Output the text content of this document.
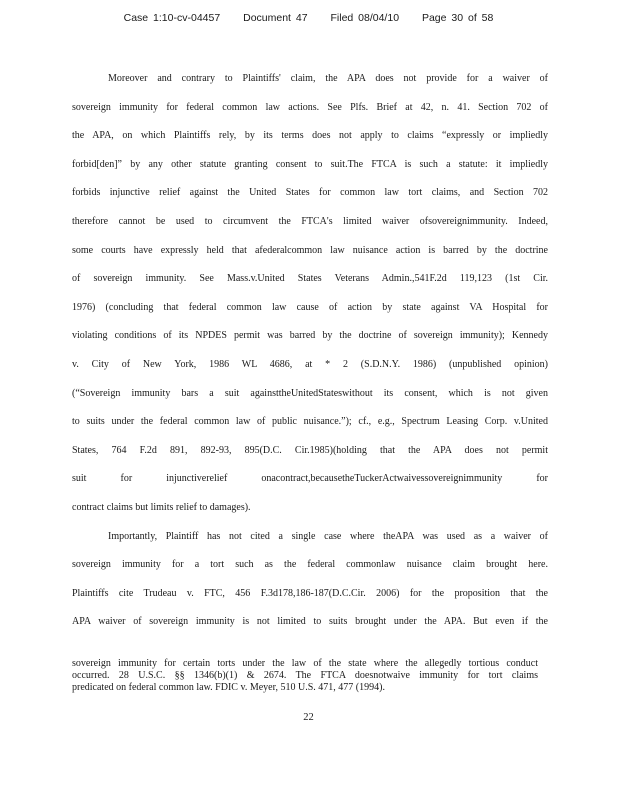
Case 1:10-cv-04457 Document 47 Filed 08/04/10 Page 30 of 58
Moreover and contrary to Plaintiffs' claim, the APA does not provide for a waiver of
sovereign immunity for federal common law actions. See Plfs. Brief at 42, n. 41. Section 702 of
the APA, on which Plaintiffs rely, by its terms does not apply to claims “expressly or impliedly
forbid[den]” by any other statute granting consent to suit.The FTCA is such a statute: it impliedly
forbids injunctive relief against the United States for common law tort claims, and Section 702
therefore cannot be used to circumvent the FTCA's limited waiver ofsovereignimmunity. Indeed,
some courts have expressly held that afederalcommon law nuisance action is barred by the doctrine
of sovereign immunity. See Mass.v.United States Veterans Admin.,541F.2d 119,123 (1st Cir.
1976) (concluding that federal common law cause of action by state against VA Hospital for
violating conditions of its NPDES permit was barred by the doctrine of sovereign immunity); Kennedy
v. City of New York, 1986 WL 4686, at * 2 (S.D.N.Y. 1986) (unpublished opinion)
(“Sovereign immunity bars a suit againsttheUnitedStateswithout its consent, which is not given
to suits under the federal common law of public nuisance.”); cf., e.g., Spectrum Leasing Corp. v.United
States, 764 F.2d 891, 892-93, 895(D.C. Cir.1985)(holding that the APA does not permit
suit for injunctiverelief onacontract,becausetheTuckerActwaivessovereignimmunity for
contract claims but limits relief to damages).
Importantly, Plaintiff has not cited a single case where theAPA was used as a waiver of
sovereign immunity for a tort such as the federal commonlaw nuisance claim brought here.
Plaintiffs cite Trudeau v. FTC, 456 F.3d178,186-187(D.C.Cir. 2006) for the proposition that the
APA waiver of sovereign immunity is not limited to suits brought under the APA. But even if the
sovereign immunity for certain torts under the law of the state where the allegedly tortious conduct
occurred. 28 U.S.C. §§ 1346(b)(1) & 2674. The FTCA doesnotwaive immunity for tort claims
predicated on federal common law. FDIC v. Meyer, 510 U.S. 471, 477 (1994).
22
